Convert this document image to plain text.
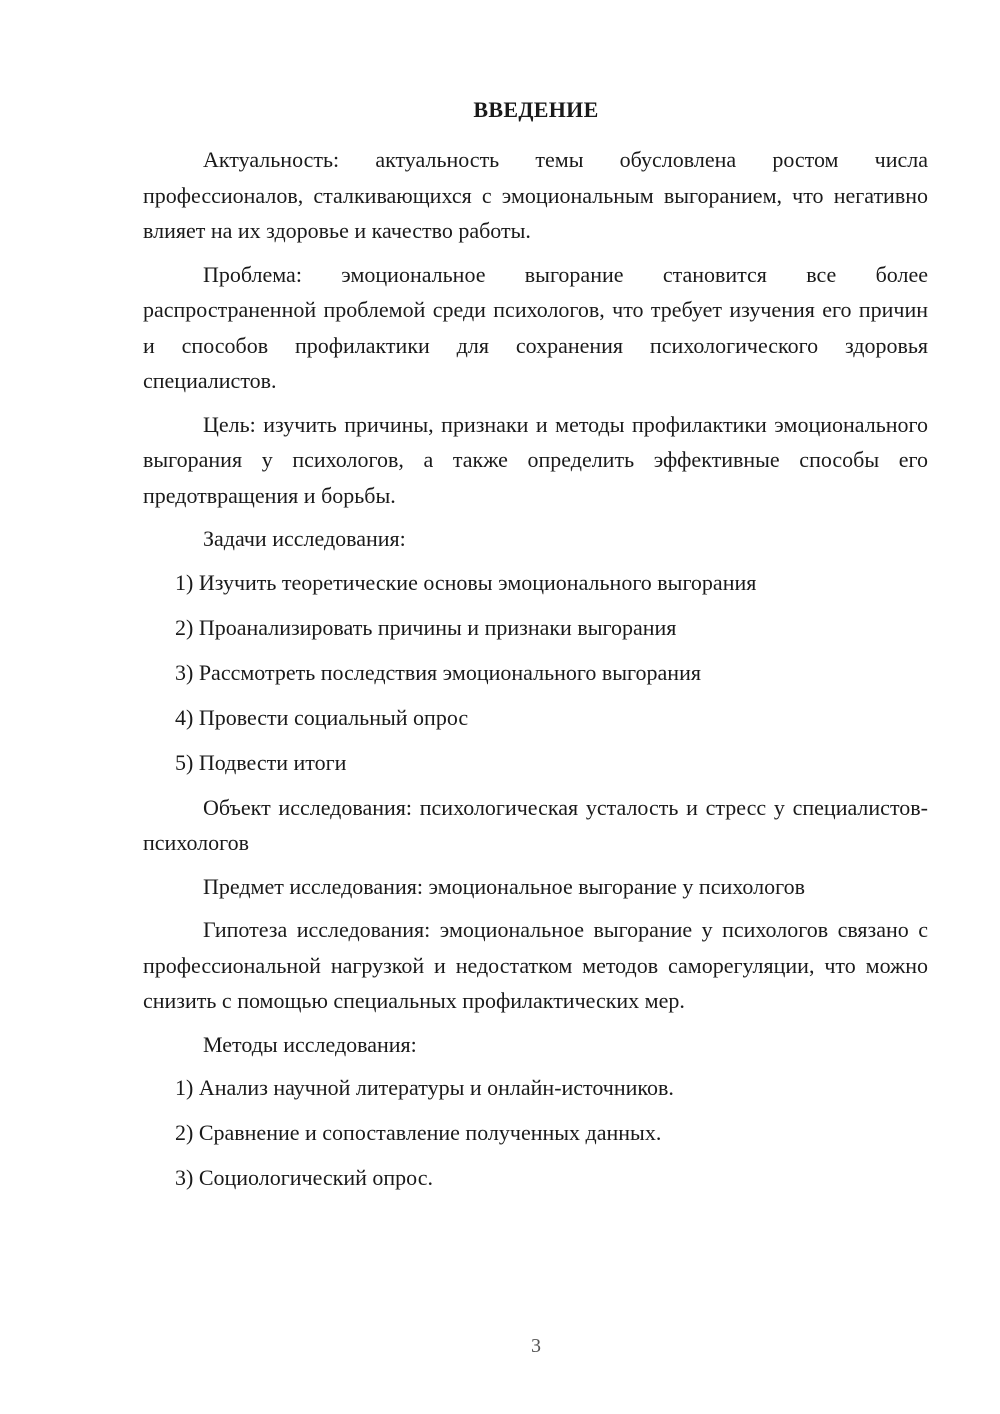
ВВЕДЕНИЕ

Актуальность: актуальность темы обусловлена ростом числа профессионалов, сталкивающихся с эмоциональным выгоранием, что негативно влияет на их здоровье и качество работы.

Проблема: эмоциональное выгорание становится все более распространенной проблемой среди психологов, что требует изучения его причин и способов профилактики для сохранения психологического здоровья специалистов.

Цель: изучить причины, признаки и методы профилактики эмоционального выгорания у психологов, а также определить эффективные способы его предотвращения и борьбы.

Задачи исследования:

1) Изучить теоретические основы эмоционального выгорания
2) Проанализировать причины и признаки выгорания
3) Рассмотреть последствия эмоционального выгорания
4) Провести социальный опрос
5) Подвести итоги

Объект исследования: психологическая усталость и стресс у специалистов-психологов

Предмет исследования: эмоциональное выгорание у психологов

Гипотеза исследования: эмоциональное выгорание у психологов связано с профессиональной нагрузкой и недостатком методов саморегуляции, что можно снизить с помощью специальных профилактических мер.

Методы исследования:

1) Анализ научной литературы и онлайн-источников.
2) Сравнение и сопоставление полученных данных.
3) Социологический опрос.
3
